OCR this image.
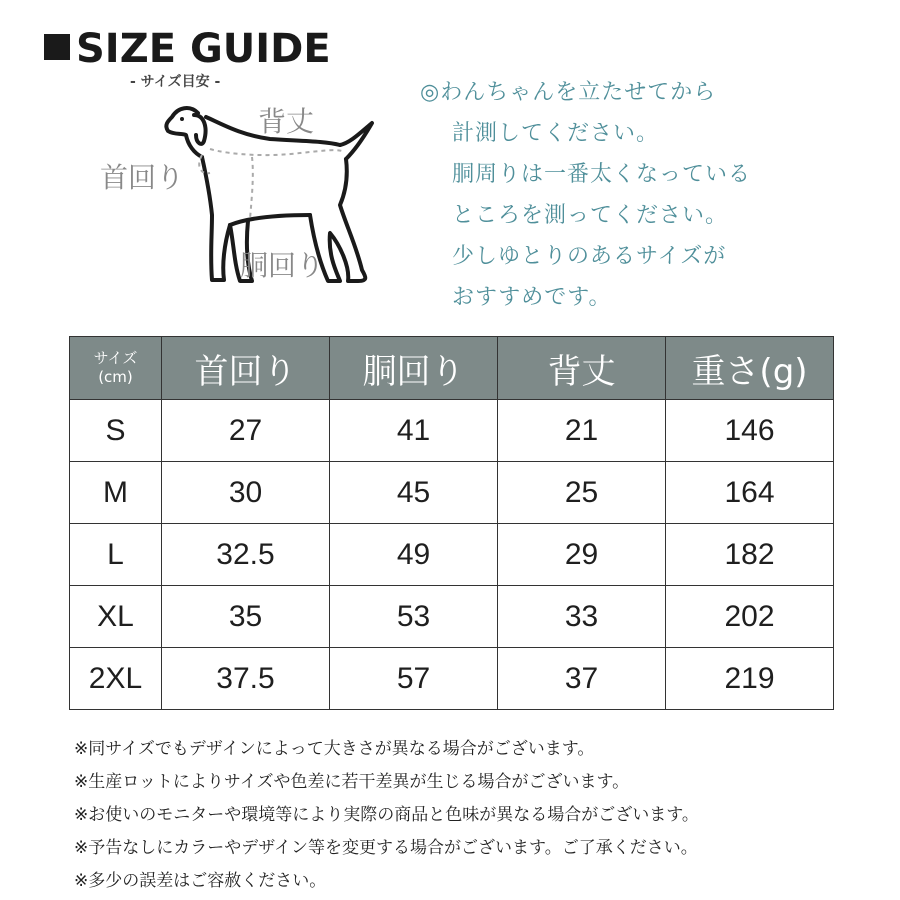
SIZE GUIDE
- サイズ目安 -
背丈
首回り
胴回り
◎わんちゃんを立たせてから
計測してください。
胴周りは一番太くなっている
ところを測ってください。
少しゆとりのあるサイズが
おすすめです。
サイズ
(cm)	首回り	胴回り	背丈	重さ(g)
S	27	41	21	146
M	30	45	25	164
L	32.5	49	29	182
XL	35	53	33	202
2XL	37.5	57	37	219
※同サイズでもデザインによって大きさが異なる場合がございます。
※生産ロットによりサイズや色差に若干差異が生じる場合がございます。
※お使いのモニターや環境等により実際の商品と色味が異なる場合がございます。
※予告なしにカラーやデザイン等を変更する場合がございます。ご了承ください。
※多少の誤差はご容赦ください。
